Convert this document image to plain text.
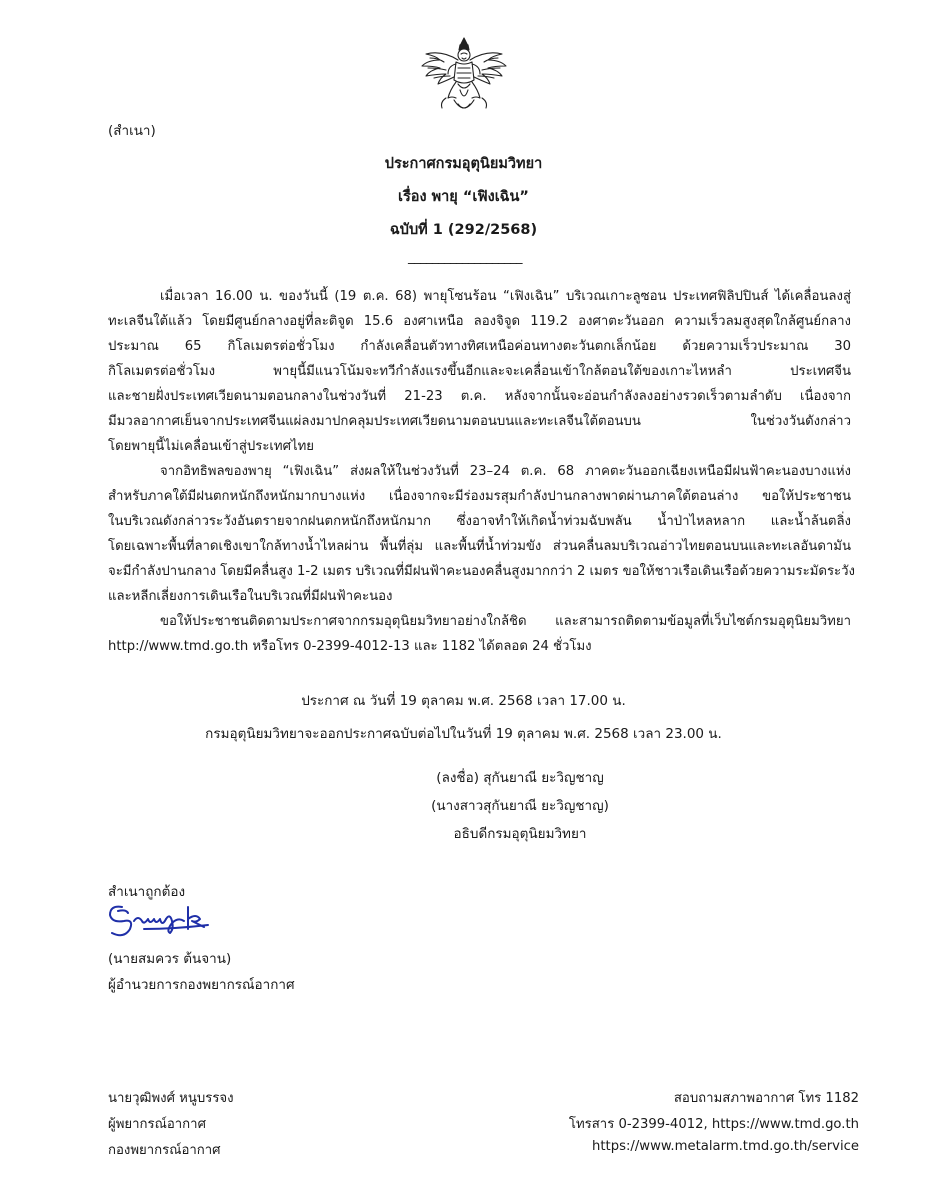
(สำเนา)
ประกาศกรมอุตุนิยมวิทยา
เรื่อง พายุ “เฟิงเฉิน”
ฉบับที่ 1 (292/2568)
___________________
เมื่อเวลา 16.00 น. ของวันนี้ (19 ต.ค. 68) พายุโซนร้อน “เฟิงเฉิน” บริเวณเกาะลูซอน ประเทศฟิลิปปินส์ ได้เคลื่อนลงสู่
ทะเลจีนใต้แล้ว โดยมีศูนย์กลางอยู่ที่ละติจูด 15.6 องศาเหนือ ลองจิจูด 119.2 องศาตะวันออก ความเร็วลมสูงสุดใกล้ศูนย์กลาง
ประมาณ 65 กิโลเมตรต่อชั่วโมง กำลังเคลื่อนตัวทางทิศเหนือค่อนทางตะวันตกเล็กน้อย ด้วยความเร็วประมาณ 30
กิโลเมตรต่อชั่วโมง พายุนี้มีแนวโน้มจะทวีกำลังแรงขึ้นอีกและจะเคลื่อนเข้าใกล้ตอนใต้ของเกาะไหหลำ ประเทศจีน
และชายฝั่งประเทศเวียดนามตอนกลางในช่วงวันที่ 21-23 ต.ค. หลังจากนั้นจะอ่อนกำลังลงอย่างรวดเร็วตามลำดับ เนื่องจาก
มีมวลอากาศเย็นจากประเทศจีนแผ่ลงมาปกคลุมประเทศเวียดนามตอนบนและทะเลจีนใต้ตอนบน ในช่วงวันดังกล่าว
โดยพายุนี้ไม่เคลื่อนเข้าสู่ประเทศไทย
จากอิทธิพลของพายุ “เฟิงเฉิน” ส่งผลให้ในช่วงวันที่ 23–24 ต.ค. 68 ภาคตะวันออกเฉียงเหนือมีฝนฟ้าคะนองบางแห่ง
สำหรับภาคใต้มีฝนตกหนักถึงหนักมากบางแห่ง เนื่องจากจะมีร่องมรสุมกำลังปานกลางพาดผ่านภาคใต้ตอนล่าง ขอให้ประชาชน
ในบริเวณดังกล่าวระวังอันตรายจากฝนตกหนักถึงหนักมาก ซึ่งอาจทำให้เกิดน้ำท่วมฉับพลัน น้ำป่าไหลหลาก และน้ำล้นตลิ่ง
โดยเฉพาะพื้นที่ลาดเชิงเขาใกล้ทางน้ำไหลผ่าน พื้นที่ลุ่ม และพื้นที่น้ำท่วมขัง ส่วนคลื่นลมบริเวณอ่าวไทยตอนบนและทะเลอันดามัน
จะมีกำลังปานกลาง โดยมีคลื่นสูง 1-2 เมตร บริเวณที่มีฝนฟ้าคะนองคลื่นสูงมากกว่า 2 เมตร ขอให้ชาวเรือเดินเรือด้วยความระมัดระวัง
และหลีกเลี่ยงการเดินเรือในบริเวณที่มีฝนฟ้าคะนอง
ขอให้ประชาชนติดตามประกาศจากกรมอุตุนิยมวิทยาอย่างใกล้ชิด และสามารถติดตามข้อมูลที่เว็บไซต์กรมอุตุนิยมวิทยา
http://www.tmd.go.th หรือโทร 0-2399-4012-13 และ 1182 ได้ตลอด 24 ชั่วโมง
ประกาศ ณ วันที่ 19 ตุลาคม พ.ศ. 2568 เวลา 17.00 น.
กรมอุตุนิยมวิทยาจะออกประกาศฉบับต่อไปในวันที่ 19 ตุลาคม พ.ศ. 2568 เวลา 23.00 น.
(ลงชื่อ) สุกันยาณี ยะวิญชาญ
(นางสาวสุกันยาณี ยะวิญชาญ)
อธิบดีกรมอุตุนิยมวิทยา
สำเนาถูกต้อง
(นายสมควร ต้นจาน)
ผู้อำนวยการกองพยากรณ์อากาศ
นายวุฒิพงศ์ หนูบรรจง
ผู้พยากรณ์อากาศ
กองพยากรณ์อากาศ
สอบถามสภาพอากาศ โทร 1182
โทรสาร 0-2399-4012, https://www.tmd.go.th
https://www.metalarm.tmd.go.th/service
